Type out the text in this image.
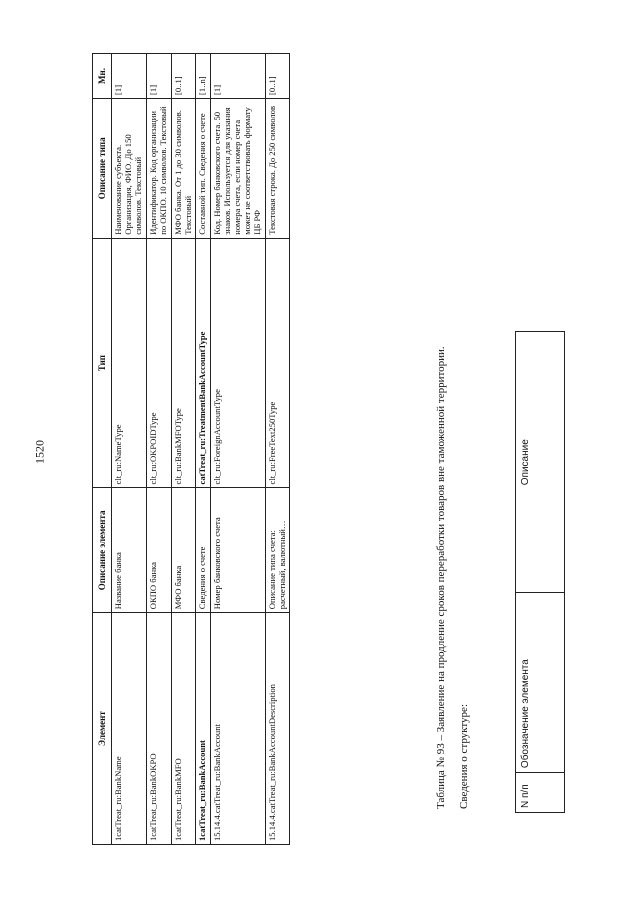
1520
Элемент	Описание элемента	Тип	Описание типа	Мн.
1catTreat_ru:BankName	Название банка	clt_ru:NameType	Наименование субъекта. Организация, ФИО. До 150 символов. Текстовый	[1]
1catTreat_ru:BankOKPO	ОКПО банка	clt_ru:OKPOIDType	Идентификатор. Код организации по ОКПО. 10 символов. Текстовый	[1]
1catTreat_ru:BankMFO	МФО банка	clt_ru:BankMFOType	МФО банка. От 1 до 30 символов. Текстовый	[0..1]
1catTreat_ru:BankAccount	Сведения о счете	catTreat_ru:TreatmentBankAccountType	Составной тип. Сведения о счете	[1..n]
15.14.4.catTreat_ru:BankAccount	Номер банковского счета	clt_ru:ForeignAccountType	Код. Номер банковского счета. 50 знаков. Используется для указания номера счета, если номер счета может не соответствовать формату ЦБ РФ	[1]
15.14.4.catTreat_ru:BankAccountDescription	Описание типа счета: расчетный, валютный…	clt_ru:FreeText250Type	Текстовая строка. До 250 символов	[0..1]
Таблица № 93 – Заявление на продление сроков переработки товаров вне таможенной территории. Сведения о структуре:	N п/п	Обозначение элемента	Описание
